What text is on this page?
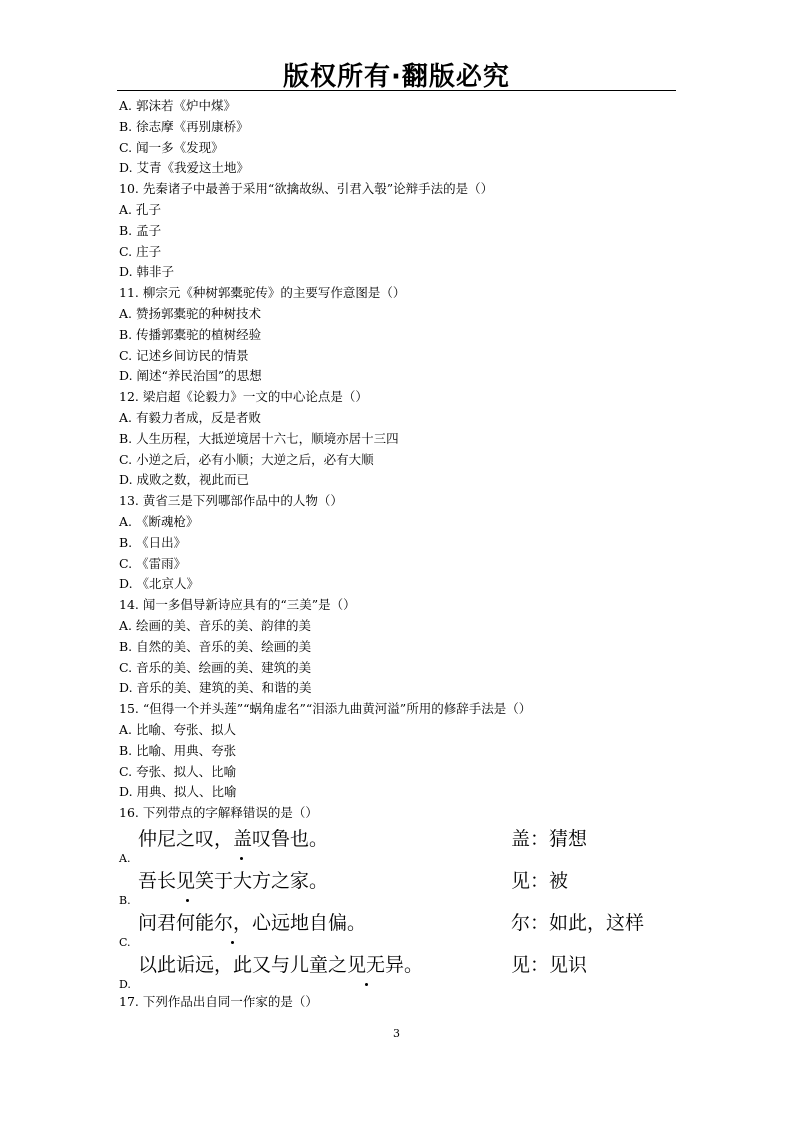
版权所有·翻版必究
A. 郭沫若《炉中煤》
B. 徐志摩《再别康桥》
C. 闻一多《发现》
D. 艾青《我爱这土地》
10. 先秦诸子中最善于采用“欲擒故纵、引君入彀”论辩手法的是（）
A. 孔子
B. 孟子
C. 庄子
D. 韩非子
11. 柳宗元《种树郭橐驼传》的主要写作意图是（）
A. 赞扬郭橐驼的种树技术
B. 传播郭橐驼的植树经验
C. 记述乡间访民的情景
D. 阐述“养民治国”的思想
12. 梁启超《论毅力》一文的中心论点是（）
A. 有毅力者成，反是者败
B. 人生历程，大抵逆境居十六七，顺境亦居十三四
C. 小逆之后，必有小顺；大逆之后，必有大顺
D. 成败之数，视此而已
13. 黄省三是下列哪部作品中的人物（）
A. 《断魂枪》
B. 《日出》
C. 《雷雨》
D. 《北京人》
14. 闻一多倡导新诗应具有的“三美”是（）
A. 绘画的美、音乐的美、韵律的美
B. 自然的美、音乐的美、绘画的美
C. 音乐的美、绘画的美、建筑的美
D. 音乐的美、建筑的美、和谐的美
15. “但得一个并头莲”“蜗角虚名”“泪添九曲黄河溢”所用的修辞手法是（）
A. 比喻、夸张、拟人
B. 比喻、用典、夸张
C. 夸张、拟人、比喻
D. 用典、拟人、比喻
16. 下列带点的字解释错误的是（）
A.
仲尼之叹，盖叹鲁也。	盖：猜想
B.
吾长见笑于大方之家。	见：被
C.
问君何能尔，心远地自偏。	尔：如此，这样
D.
以此诟远，此又与儿童之见无异。	见：见识
17. 下列作品出自同一作家的是（）
3
